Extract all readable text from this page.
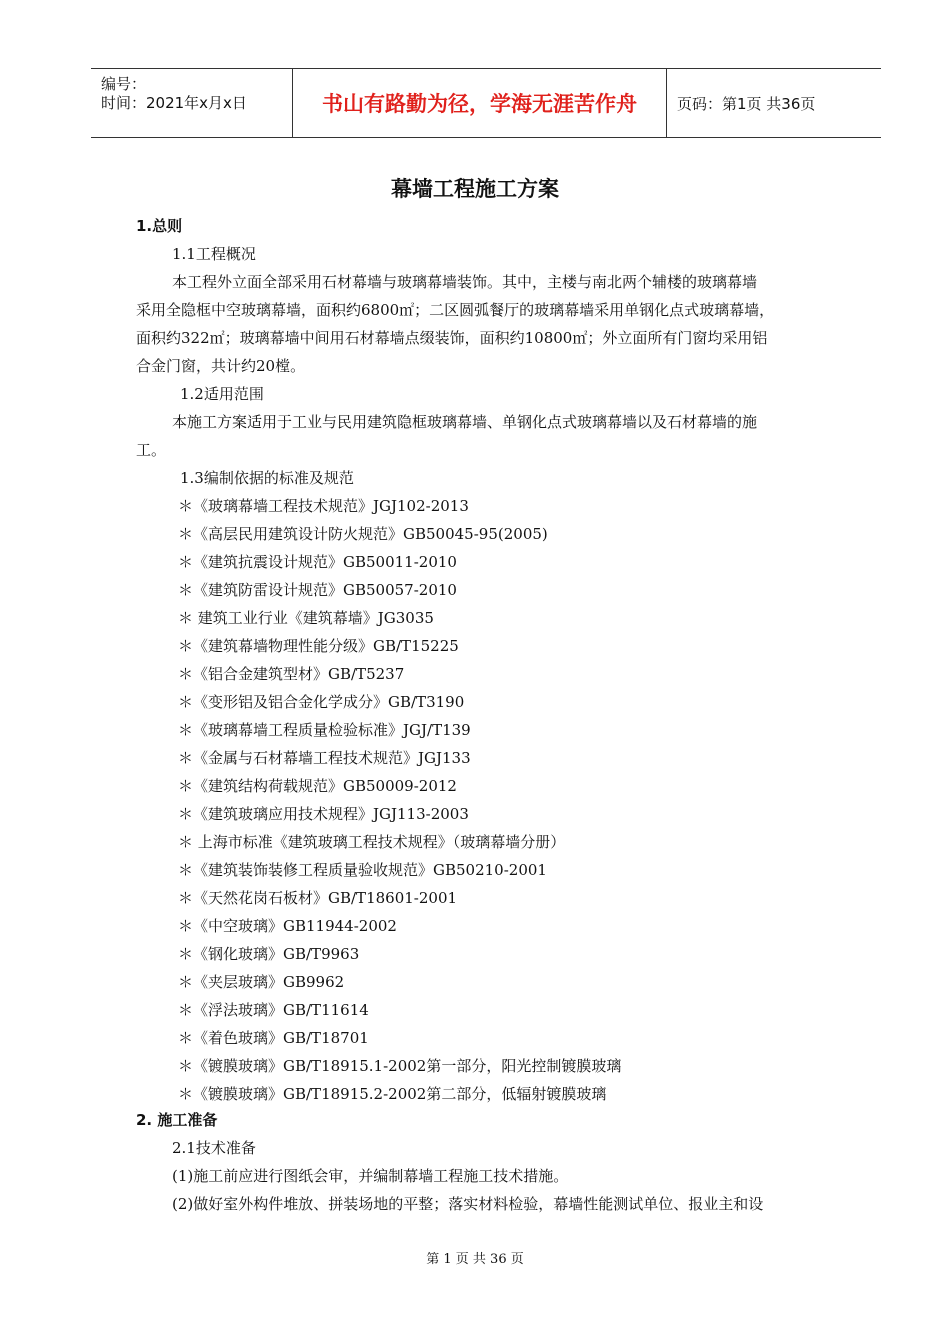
编号：
时间：2021年x月x日	书山有路勤为径，学海无涯苦作舟	页码：第1页 共36页
幕墙工程施工方案
1.总则
1.1工程概况
本工程外立面全部采用石材幕墙与玻璃幕墙装饰。其中，主楼与南北两个辅楼的玻璃幕墙
采用全隐框中空玻璃幕墙，面积约6800㎡；二区圆弧餐厅的玻璃幕墙采用单钢化点式玻璃幕墙，
面积约322㎡；玻璃幕墙中间用石材幕墙点缀装饰，面积约10800㎡；外立面所有门窗均采用铝
合金门窗，共计约20樘。
1.2适用范围
本施工方案适用于工业与民用建筑隐框玻璃幕墙、单钢化点式玻璃幕墙以及石材幕墙的施
工。
1.3编制依据的标准及规范
＊《玻璃幕墙工程技术规范》JGJ102-2013
＊《高层民用建筑设计防火规范》GB50045-95(2005)
＊《建筑抗震设计规范》GB50011-2010
＊《建筑防雷设计规范》GB50057-2010
＊ 建筑工业行业《建筑幕墙》JG3035
＊《建筑幕墙物理性能分级》GB/T15225
＊《铝合金建筑型材》GB/T5237
＊《变形铝及铝合金化学成分》GB/T3190
＊《玻璃幕墙工程质量检验标准》JGJ/T139
＊《金属与石材幕墙工程技术规范》JGJ133
＊《建筑结构荷载规范》GB50009-2012
＊《建筑玻璃应用技术规程》JGJ113-2003
＊ 上海市标准《建筑玻璃工程技术规程》（玻璃幕墙分册）
＊《建筑装饰装修工程质量验收规范》GB50210-2001
＊《天然花岗石板材》GB/T18601-2001
＊《中空玻璃》GB11944-2002
＊《钢化玻璃》GB/T9963
＊《夹层玻璃》GB9962
＊《浮法玻璃》GB/T11614
＊《着色玻璃》GB/T18701
＊《镀膜玻璃》GB/T18915.1-2002第一部分，阳光控制镀膜玻璃
＊《镀膜玻璃》GB/T18915.2-2002第二部分，低辐射镀膜玻璃
2. 施工准备
2.1技术准备
(1)施工前应进行图纸会审，并编制幕墙工程施工技术措施。
(2)做好室外构件堆放、拼装场地的平整；落实材料检验，幕墙性能测试单位、报业主和设
第 1 页 共 36 页
